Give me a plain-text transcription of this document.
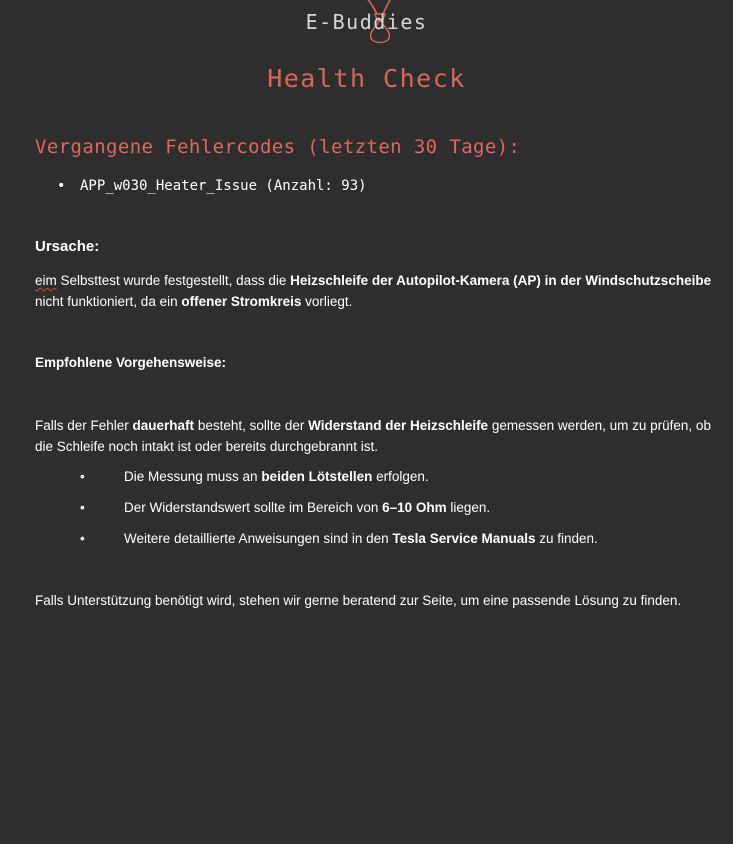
E-Buddies
Health Check
Vergangene Fehlercodes (letzten 30 Tage):
• APP_w030_Heater_Issue (Anzahl: 93)
Ursache:
eim Selbsttest wurde festgestellt, dass die Heizschleife der Autopilot-Kamera (AP) in der Windschutzscheibe nicht funktioniert, da ein offener Stromkreis vorliegt.
Empfohlene Vorgehensweise:
Falls der Fehler dauerhaft besteht, sollte der Widerstand der Heizschleife gemessen werden, um zu prüfen, ob die Schleife noch intakt ist oder bereits durchgebrannt ist.
•	Die Messung muss an beiden Lötstellen erfolgen.
•	Der Widerstandswert sollte im Bereich von 6–10 Ohm liegen.
•	Weitere detaillierte Anweisungen sind in den Tesla Service Manuals zu finden.
Falls Unterstützung benötigt wird, stehen wir gerne beratend zur Seite, um eine passende Lösung zu finden.
